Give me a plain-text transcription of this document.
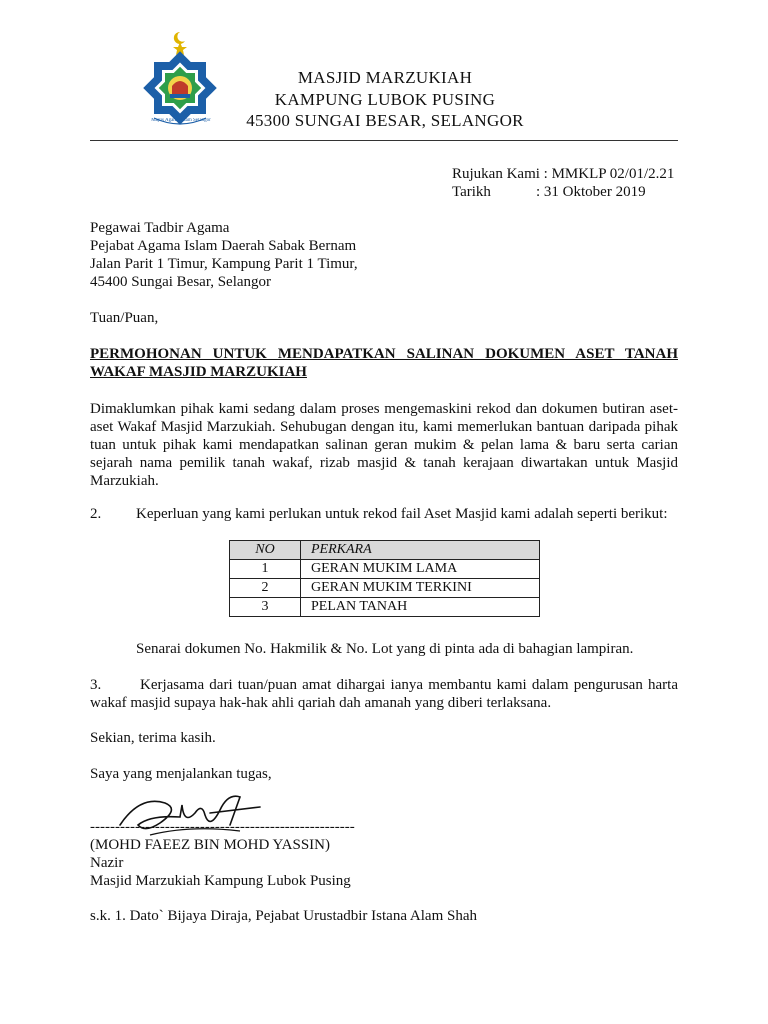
Majlis Agama Islam Selangor
MASJID MARZUKIAH
KAMPUNG LUBOK PUSING
45300 SUNGAI BESAR, SELANGOR
Rujukan Kami : MMKLP 02/01/2.21
Tarikh	: 31 Oktober 2019
Pegawai Tadbir Agama
Pejabat Agama Islam Daerah Sabak Bernam
Jalan Parit 1 Timur, Kampung Parit 1 Timur,
45400 Sungai Besar, Selangor
Tuan/Puan,
PERMOHONAN UNTUK MENDAPATKAN SALINAN DOKUMEN ASET TANAH
WAKAF MASJID MARZUKIAH
Dimaklumkan pihak kami sedang dalam proses mengemaskini rekod dan dokumen butiran aset-
aset Wakaf Masjid Marzukiah. Sehubugan dengan itu, kami memerlukan bantuan daripada pihak
tuan untuk pihak kami mendapatkan salinan geran mukim & pelan lama & baru serta carian
sejarah nama pemilik tanah wakaf, rizab masjid & tanah kerajaan diwartakan untuk Masjid
Marzukiah.
2. Keperluan yang kami perlukan untuk rekod fail Aset Masjid kami adalah seperti berikut:
NO	PERKARA
1	GERAN MUKIM LAMA
2	GERAN MUKIM TERKINI
3	PELAN TANAH
Senarai dokumen No. Hakmilik & No. Lot yang di pinta ada di bahagian lampiran.
3.	Kerjasama dari tuan/puan amat dihargai ianya membantu kami dalam pengurusan harta
wakaf masjid supaya hak-hak ahli qariah dah amanah yang diberi terlaksana.
Sekian, terima kasih.
Saya yang menjalankan tugas,
-----------------------------------------------------
(MOHD FAEEZ BIN MOHD YASSIN)
Nazir
Masjid Marzukiah Kampung Lubok Pusing
s.k. 1. Dato` Bijaya Diraja, Pejabat Urustadbir Istana Alam Shah
